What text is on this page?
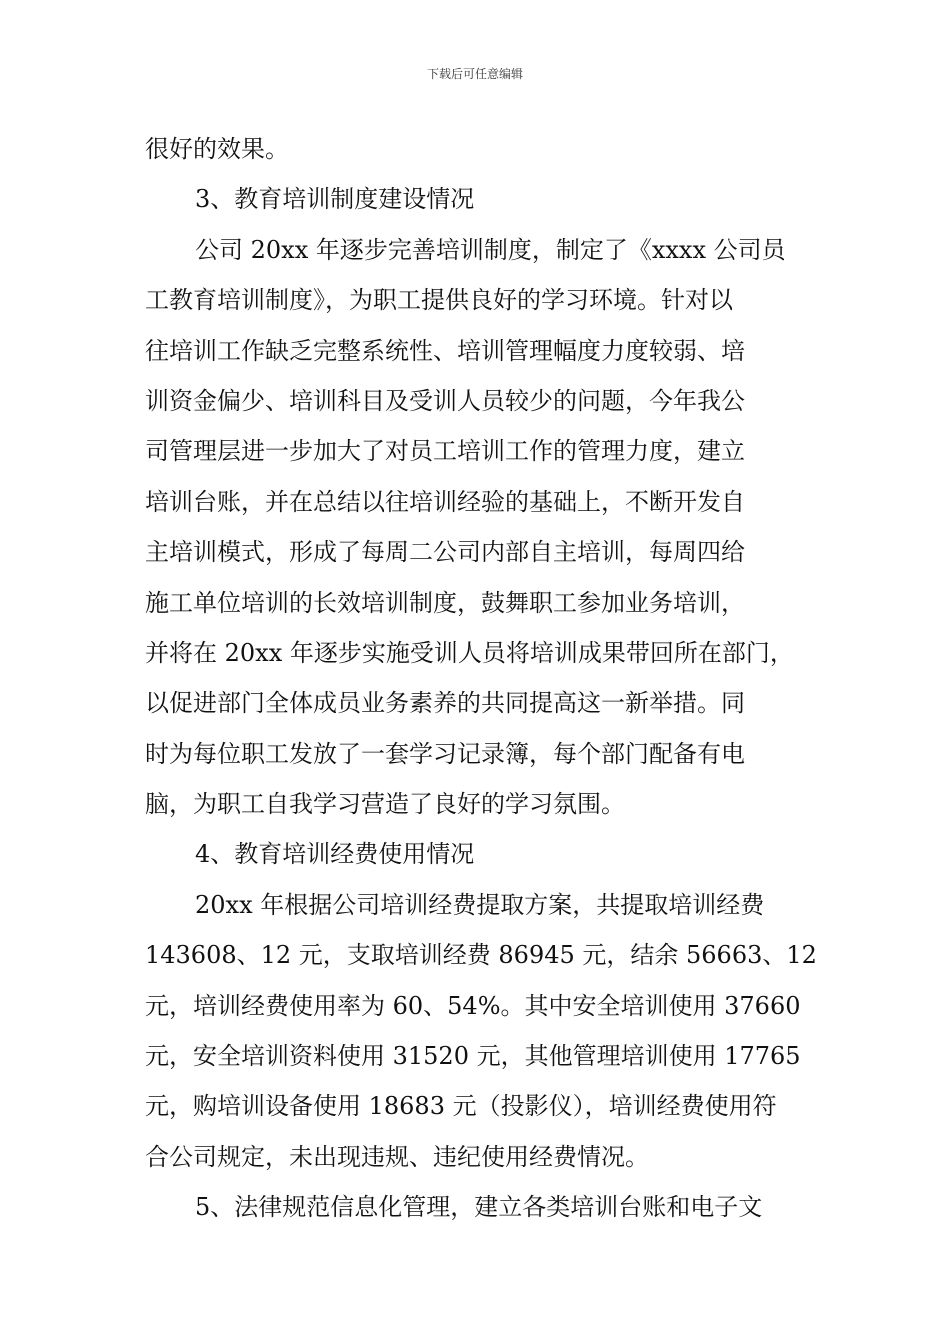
下载后可任意编辑
很好的效果。
3、教育培训制度建设情况
公司 20xx 年逐步完善培训制度，制定了《xxxx 公司员
工教育培训制度》，为职工提供良好的学习环境。针对以
往培训工作缺乏完整系统性、培训管理幅度力度较弱、培
训资金偏少、培训科目及受训人员较少的问题，今年我公
司管理层进一步加大了对员工培训工作的管理力度，建立
培训台账，并在总结以往培训经验的基础上，不断开发自
主培训模式，形成了每周二公司内部自主培训，每周四给
施工单位培训的长效培训制度，鼓舞职工参加业务培训，
并将在 20xx 年逐步实施受训人员将培训成果带回所在部门，
以促进部门全体成员业务素养的共同提高这一新举措。同
时为每位职工发放了一套学习记录簿，每个部门配备有电
脑，为职工自我学习营造了良好的学习氛围。
4、教育培训经费使用情况
20xx 年根据公司培训经费提取方案，共提取培训经费
143608、12 元，支取培训经费 86945 元，结余 56663、12
元，培训经费使用率为 60、54%。其中安全培训使用 37660
元，安全培训资料使用 31520 元，其他管理培训使用 17765
元，购培训设备使用 18683 元（投影仪），培训经费使用符
合公司规定，未出现违规、违纪使用经费情况。
5、法律规范信息化管理，建立各类培训台账和电子文
